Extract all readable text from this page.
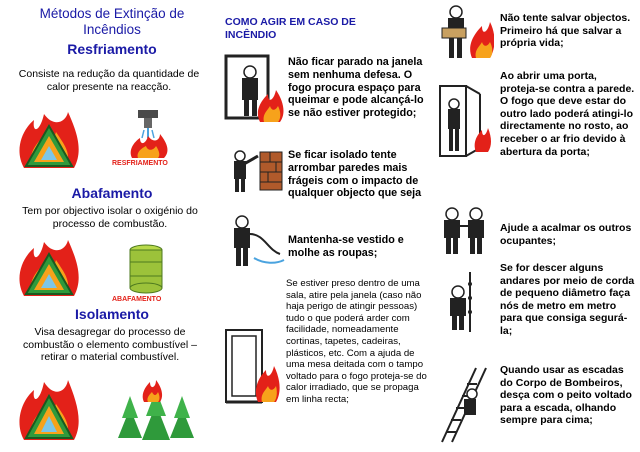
Métodos de Extinção de Incêndios
Resfriamento
Consiste na redução da quantidade de calor presente na reacção.
RESFRIAMENTO
Abafamento
Tem por objectivo isolar o oxigénio do processo de combustão.
ABAFAMENTO
Isolamento
Visa desagregar do processo de combustão o elemento combustível – retirar o material combustível.
COMO AGIR EM CASO DE
INCÊNDIO
Não ficar parado na janela sem nenhuma defesa. O fogo procura espaço para queimar e pode alcançá-lo se não estiver protegido;
Se ficar isolado tente arrombar paredes mais frágeis com o impacto de qualquer objecto que seja
Mantenha-se vestido e molhe as roupas;
Se estiver preso dentro de uma sala, atire pela janela (caso não haja perigo de atingir pessoas) tudo o que poderá arder com facilidade, nomeadamente cortinas, tapetes, cadeiras, plásticos, etc. Com a ajuda de uma mesa deitada com o tampo voltado para o fogo proteja-se do calor irradiado, que se propaga em linha recta;
Não tente salvar objectos. Primeiro há que salvar a própria vida;
Ao abrir uma porta, proteja-se contra a parede. O fogo que deve estar do outro lado poderá atingi-lo directamente no rosto, ao receber o ar frio devido à abertura da porta;
Ajude a acalmar os outros ocupantes;
Se for descer alguns andares por meio de corda de pequeno diâmetro faça nós de metro em metro para que consiga segurá-la;
Quando usar as escadas do Corpo de Bombeiros, desça com o peito voltado para a escada, olhando sempre para cima;
